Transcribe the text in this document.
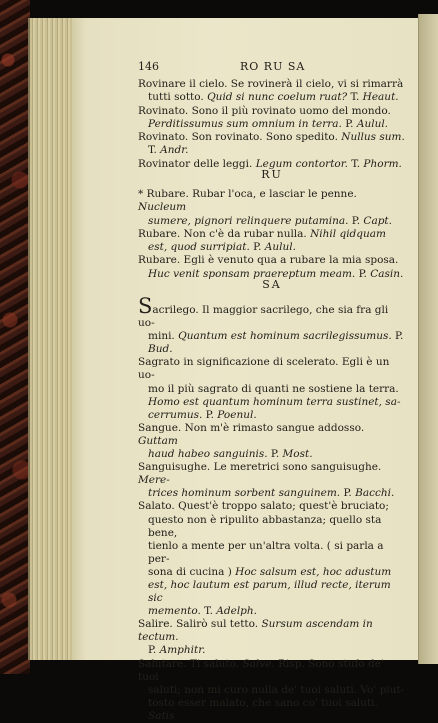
146	RO RU SA
Rovinare il cielo. Se rovinerà il cielo, vi si rimarrà
tutti sotto. Quid si nunc coelum ruat? T. Heaut.
Rovinato. Sono il più rovinato uomo del mondo.
Perditissumus sum omnium in terra. P. Aulul.
Rovinato. Son rovinato. Sono spedito. Nullus sum.
T. Andr.
Rovinator delle leggi. Legum contortor. T. Phorm.
RU
* Rubare. Rubar l'oca, e lasciar le penne. Nucleum
sumere, pignori relinquere putamina. P. Capt.
Rubare. Non c'è da rubar nulla. Nihil qidquam
est, quod surripiat. P. Aulul.
Rubare. Egli è venuto qua a rubare la mia sposa.
Huc venit sponsam praereptum meam. P. Casin.
SA
Sacrilego. Il maggior sacrilego, che sia fra gli uo-
mini. Quantum est hominum sacrilegissumus. P.
Bud.
Sagrato in significazione di scelerato. Egli è un uo-
mo il più sagrato di quanti ne sostiene la terra.
Homo est quantum hominum terra sustinet, sa-
cerrumus. P. Poenul.
Sangue. Non m'è rimasto sangue addosso. Guttam
haud habeo sanguinis. P. Most.
Sanguisughe. Le meretrici sono sanguisughe. Mere-
trices hominum sorbent sanguinem. P. Bacchi.
Salato. Quest'è troppo salato; quest'è bruciato;
questo non è ripulito abbastanza; quello sta bene,
tienlo a mente per un'altra volta. ( si parla a per-
sona di cucina ) Hoc salsum est, hoc adustum
est, hoc lautum est parum, illud recte, iterum sic
memento. T. Adelph.
Salire. Salirò sul tetto. Sursum ascendam in tectum.
P. Amphitr.
Salutare. Ti saluto. Salve. Risp. Sono stufo de' tuoi
saluti; non mi curo nulla de' tuoi saluti. Vo' piut-
tosto esser malato, che sano co' tuoi saluti. Satis
